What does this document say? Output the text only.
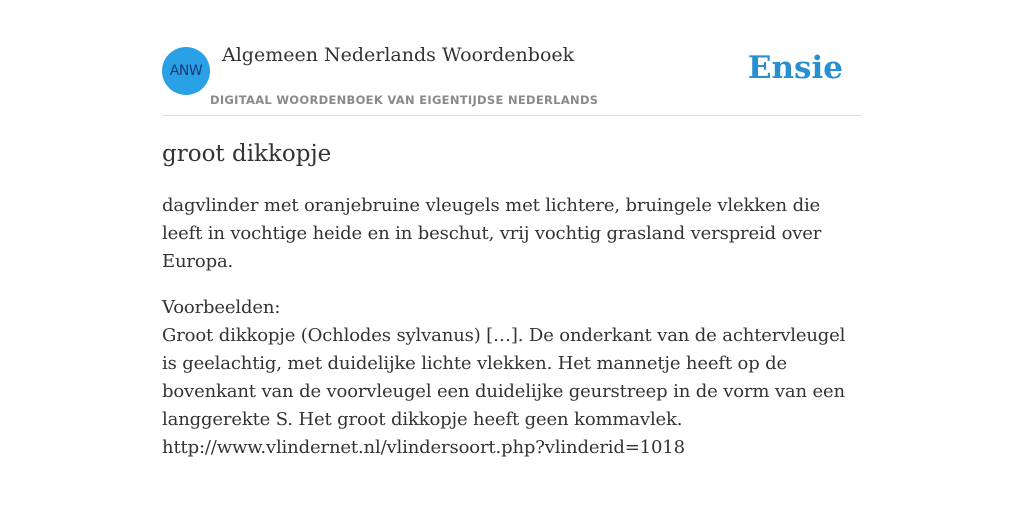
ANW
Algemeen Nederlands Woordenboek
DIGITAAL WOORDENBOEK VAN EIGENTIJDSE NEDERLANDS
Ensie
groot dikkopje

dagvlinder met oranjebruine vleugels met lichtere, bruingele vlekken die leeft in vochtige heide en in beschut, vrij vochtig grasland verspreid over Europa.

Voorbeelden:
Groot dikkopje (Ochlodes sylvanus) […]. De onderkant van de achtervleugel is geelachtig, met duidelijke lichte vlekken. Het mannetje heeft op de bovenkant van de voorvleugel een duidelijke geurstreep in de vorm van een langgerekte S. Het groot dikkopje heeft geen kommavlek.
http://www.vlindernet.nl/vlindersoort.php?vlinderid=1018
